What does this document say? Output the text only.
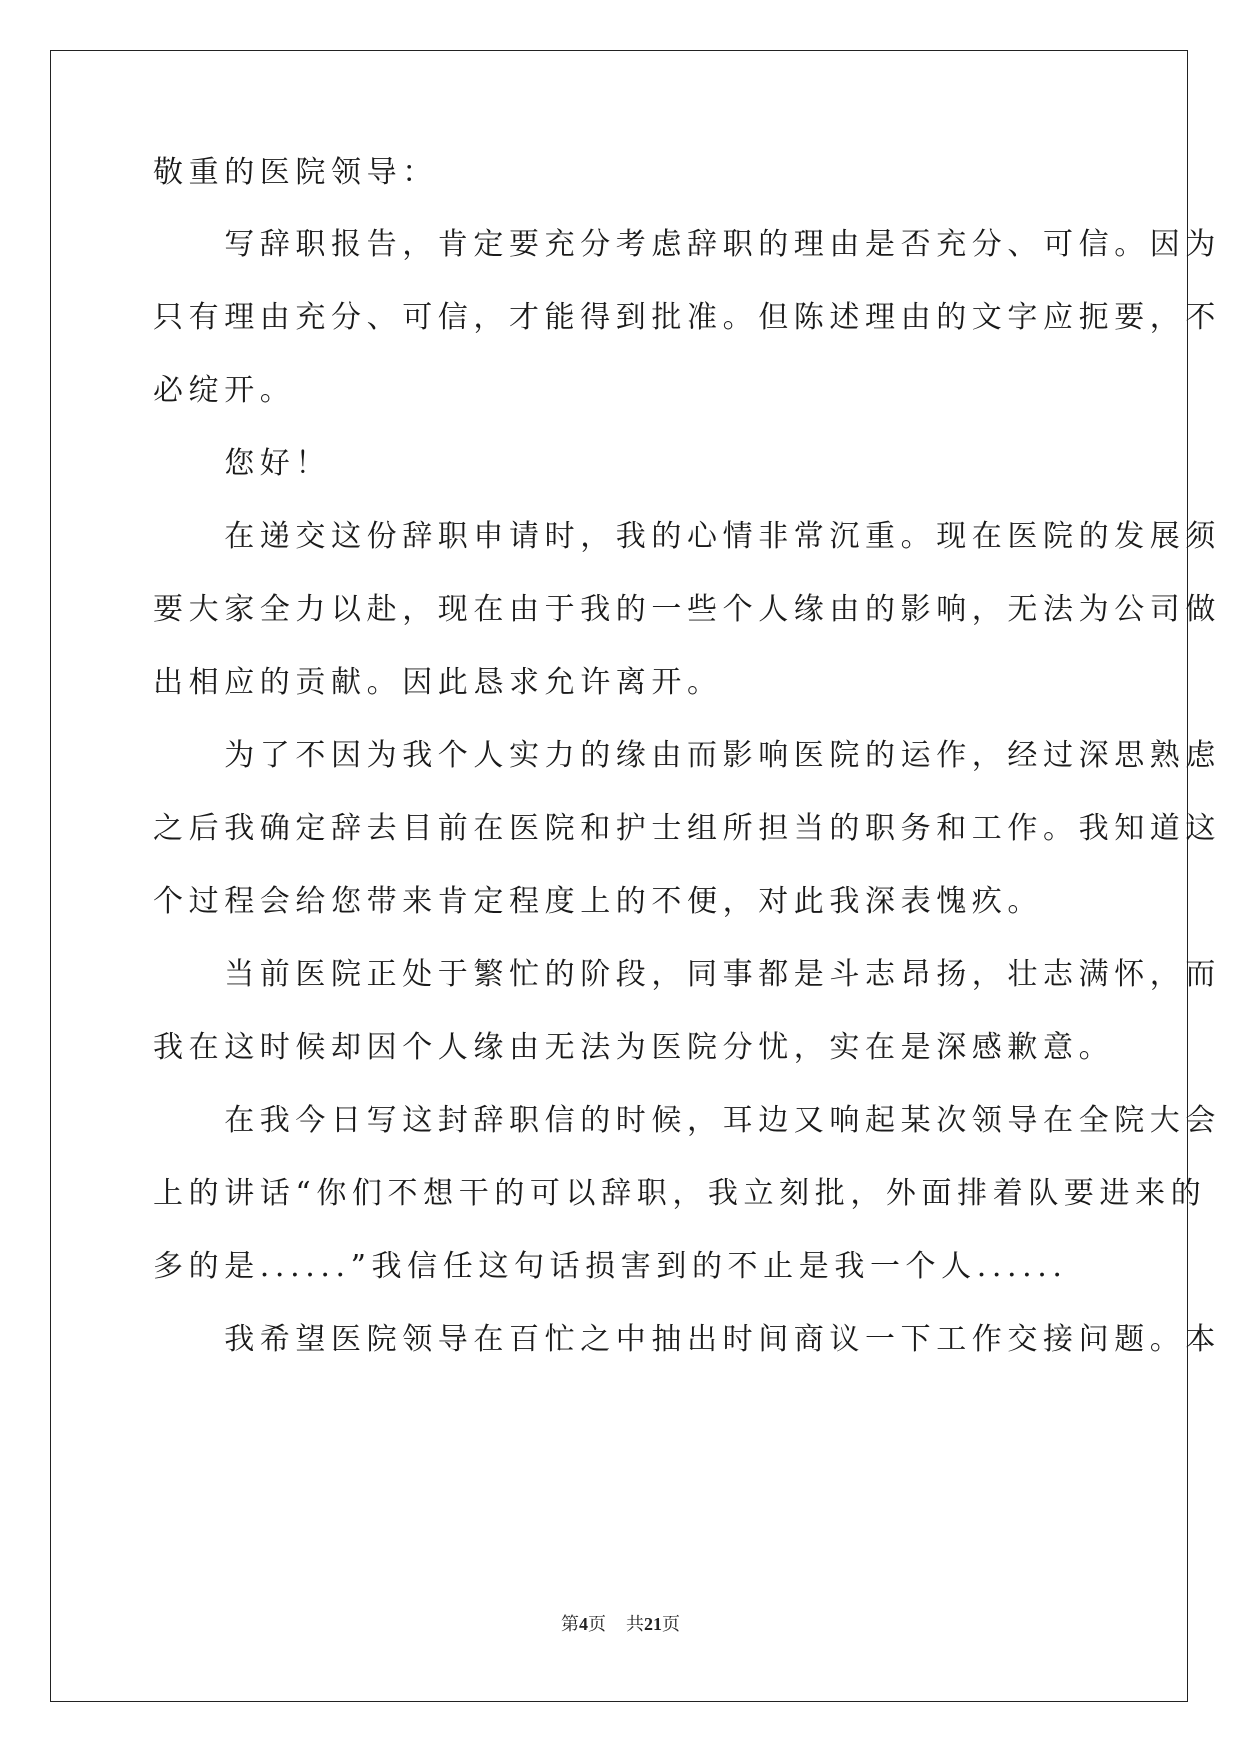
敬重的医院领导：
　　写辞职报告，肯定要充分考虑辞职的理由是否充分、可信。因为
只有理由充分、可信，才能得到批准。但陈述理由的文字应扼要，不
必绽开。
　　您好！
　　在递交这份辞职申请时，我的心情非常沉重。现在医院的发展须
要大家全力以赴，现在由于我的一些个人缘由的影响，无法为公司做
出相应的贡献。因此恳求允许离开。
　　为了不因为我个人实力的缘由而影响医院的运作，经过深思熟虑
之后我确定辞去目前在医院和护士组所担当的职务和工作。我知道这
个过程会给您带来肯定程度上的不便，对此我深表愧疚。
　　当前医院正处于繁忙的阶段，同事都是斗志昂扬，壮志满怀，而
我在这时候却因个人缘由无法为医院分忧，实在是深感歉意。
　　在我今日写这封辞职信的时候，耳边又响起某次领导在全院大会
上的讲话“你们不想干的可以辞职，我立刻批，外面排着队要进来的
多的是......”我信任这句话损害到的不止是我一个人......
　　我希望医院领导在百忙之中抽出时间商议一下工作交接问题。本
第4页 共21页
